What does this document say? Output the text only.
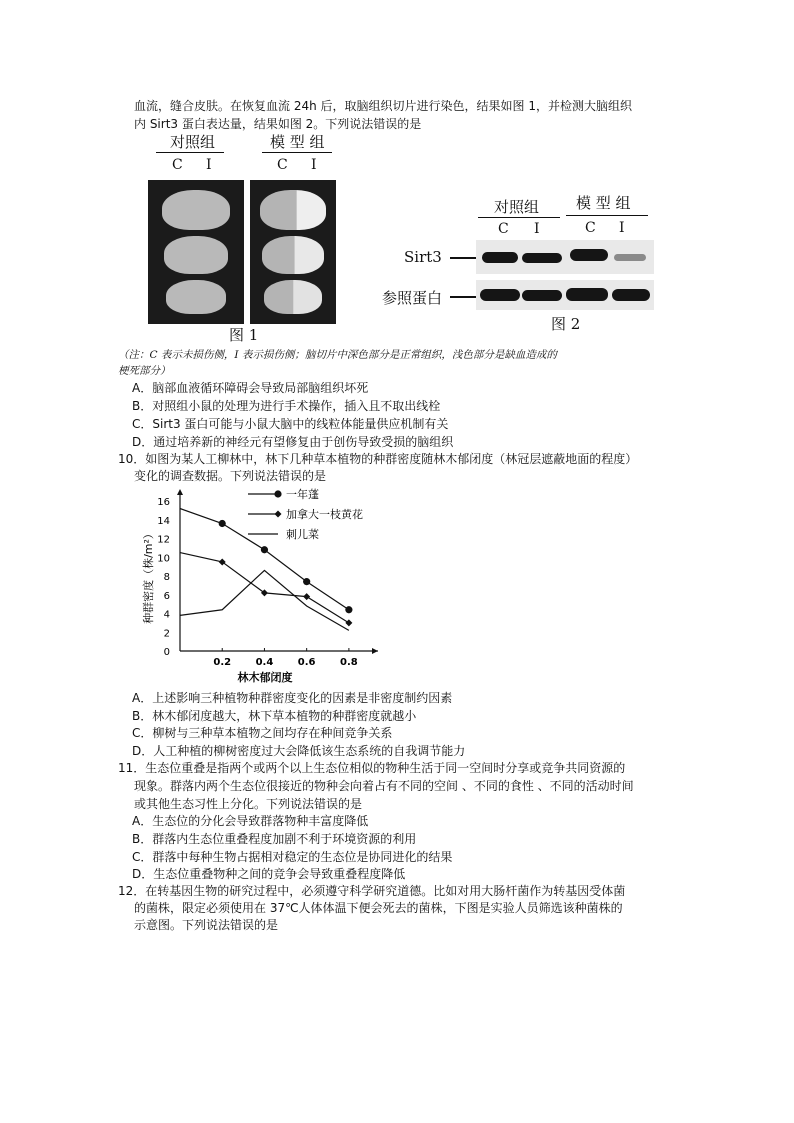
血流，缝合皮肤。在恢复血流 24h 后，取脑组织切片进行染色，结果如图 1，并检测大脑组织
内 Sirt3 蛋白表达量，结果如图 2。下列说法错误的是
对照组
C I
模 型 组
C I
图 1
对照组
C I
模 型 组
C I
Sirt3
参照蛋白
图 2
（注：C 表示未损伤侧，I 表示损伤侧；脑切片中深色部分是正常组织，浅色部分是缺血造成的
梗死部分）
A．脑部血液循环障碍会导致局部脑组织坏死
B．对照组小鼠的处理为进行手术操作，插入且不取出线栓
C．Sirt3 蛋白可能与小鼠大脑中的线粒体能量供应机制有关
D．通过培养新的神经元有望修复由于创伤导致受损的脑组织
10．如图为某人工柳林中，林下几种草本植物的种群密度随林木郁闭度（林冠层遮蔽地面的程度）
变化的调查数据。下列说法错误的是
0
2
4
6
8
10
12
14
16
0.2 0.4 0.6 0.8
林木郁闭度
一年蓬
加拿大一枝黄花
刺儿菜
种群密度（株/m²）
A．上述影响三种植物种群密度变化的因素是非密度制约因素
B．林木郁闭度越大，林下草本植物的种群密度就越小
C．柳树与三种草本植物之间均存在种间竞争关系
D．人工种植的柳树密度过大会降低该生态系统的自我调节能力
11．生态位重叠是指两个或两个以上生态位相似的物种生活于同一空间时分享或竞争共同资源的
现象。群落内两个生态位很接近的物种会向着占有不同的空间 、不同的食性 、不同的活动时间
或其他生态习性上分化。下列说法错误的是
A．生态位的分化会导致群落物种丰富度降低
B．群落内生态位重叠程度加剧不利于环境资源的利用
C．群落中每种生物占据相对稳定的生态位是协同进化的结果
D．生态位重叠物种之间的竞争会导致重叠程度降低
12．在转基因生物的研究过程中，必须遵守科学研究道德。比如对用大肠杆菌作为转基因受体菌
的菌株，限定必须使用在 37℃人体体温下便会死去的菌株，下图是实验人员筛选该种菌株的
示意图。下列说法错误的是
